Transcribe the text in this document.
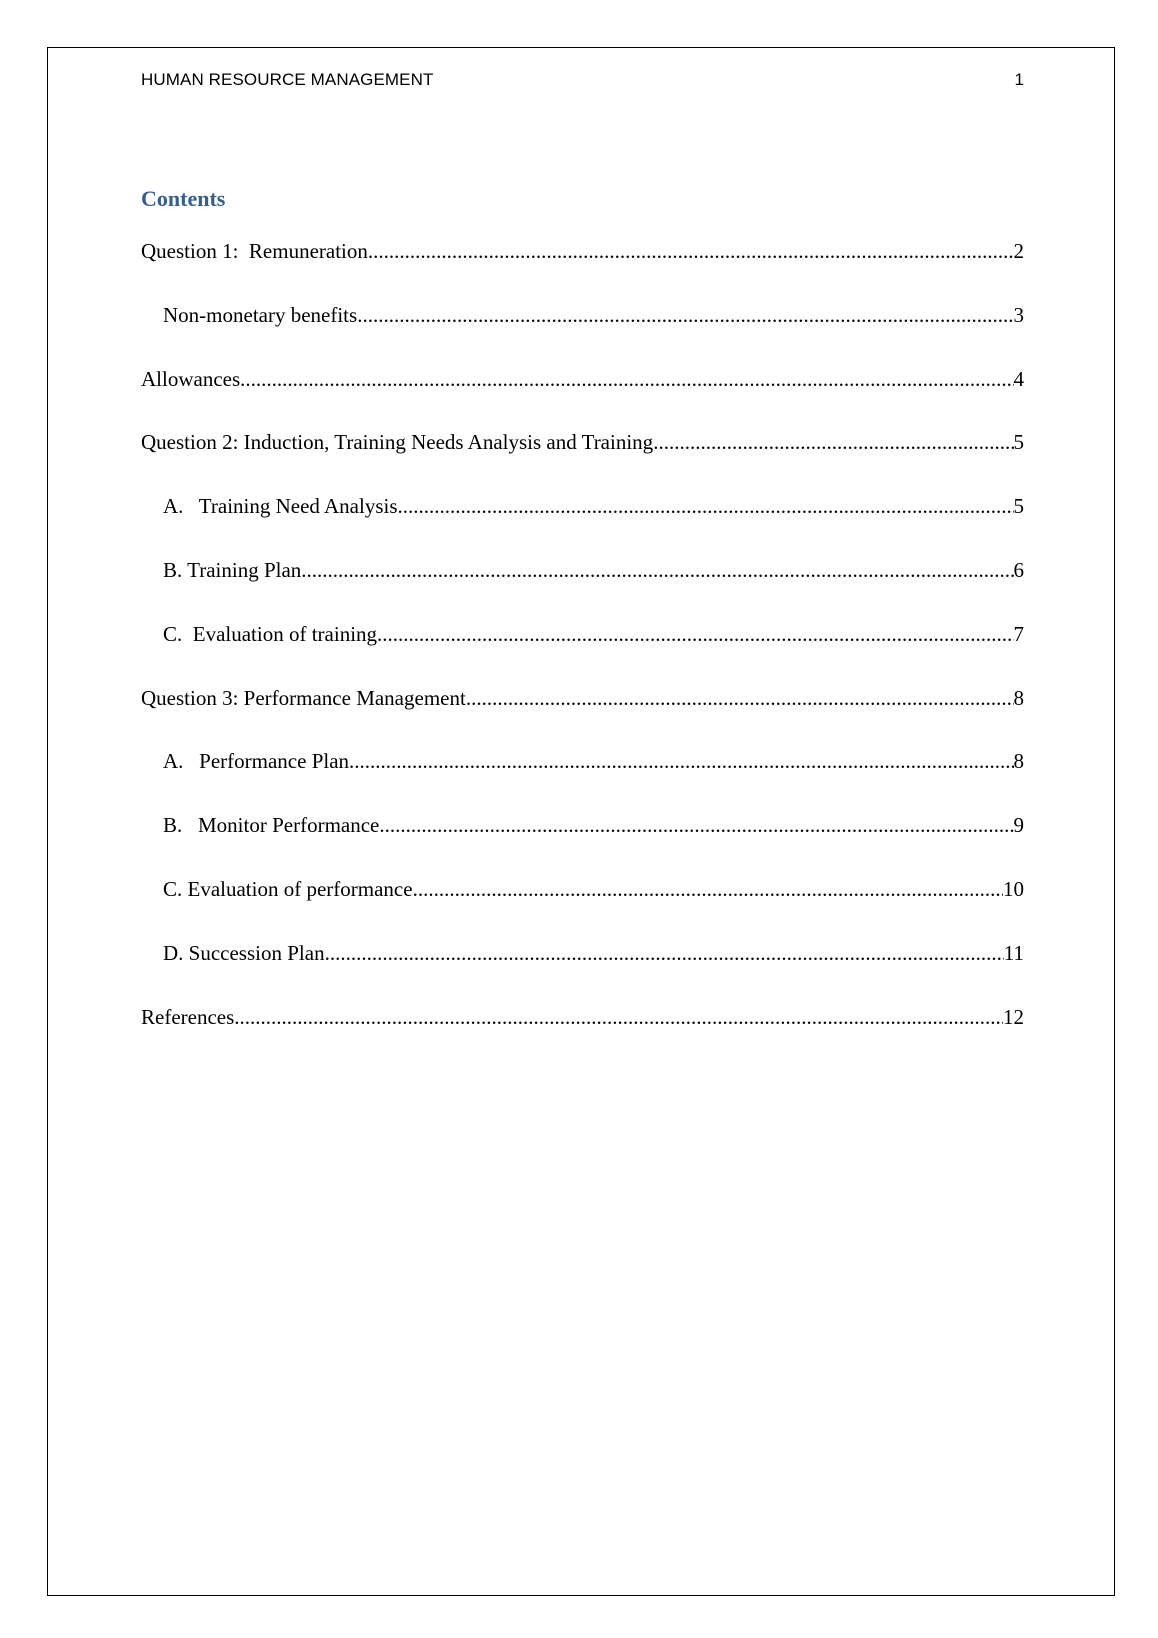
HUMAN RESOURCE MANAGEMENT	1
Contents
Question 1:  Remuneration .....	2
Non-monetary benefits .....	3
Allowances .....	4
Question 2: Induction, Training Needs Analysis and Training .....	5
A.   Training Need Analysis .....	5
B. Training Plan .....	6
C.  Evaluation of training .....	7
Question 3: Performance Management .....	8
A.   Performance Plan .....	8
B.   Monitor Performance .....	9
C. Evaluation of performance .....	10
D. Succession Plan .....	11
References .....	12
